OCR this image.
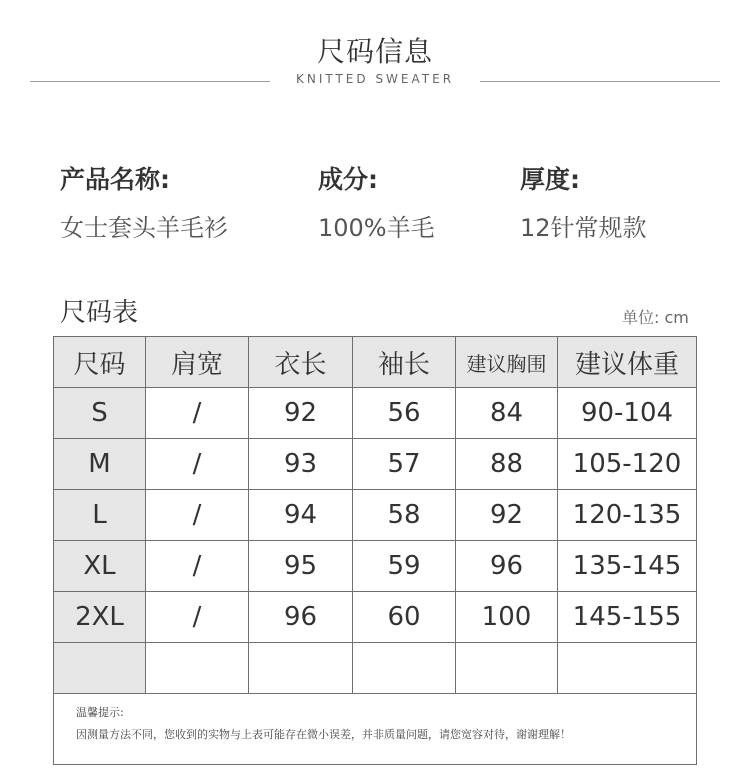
尺码信息
KNITTED SWEATER
产品名称:
女士套头羊毛衫
成分:
100%羊毛
厚度:
12针常规款
尺码表	单位: cm
尺码	肩宽	衣长	袖长	建议胸围	建议体重
S	/	92	56	84	90-104
M	/	93	57	88	105-120
L	/	94	58	92	120-135
XL	/	95	59	96	135-145
2XL	/	96	60	100	145-155

温馨提示:
因测量方法不同，您收到的实物与上表可能存在微小误差，并非质量问题，请您宽容对待，谢谢理解！					
